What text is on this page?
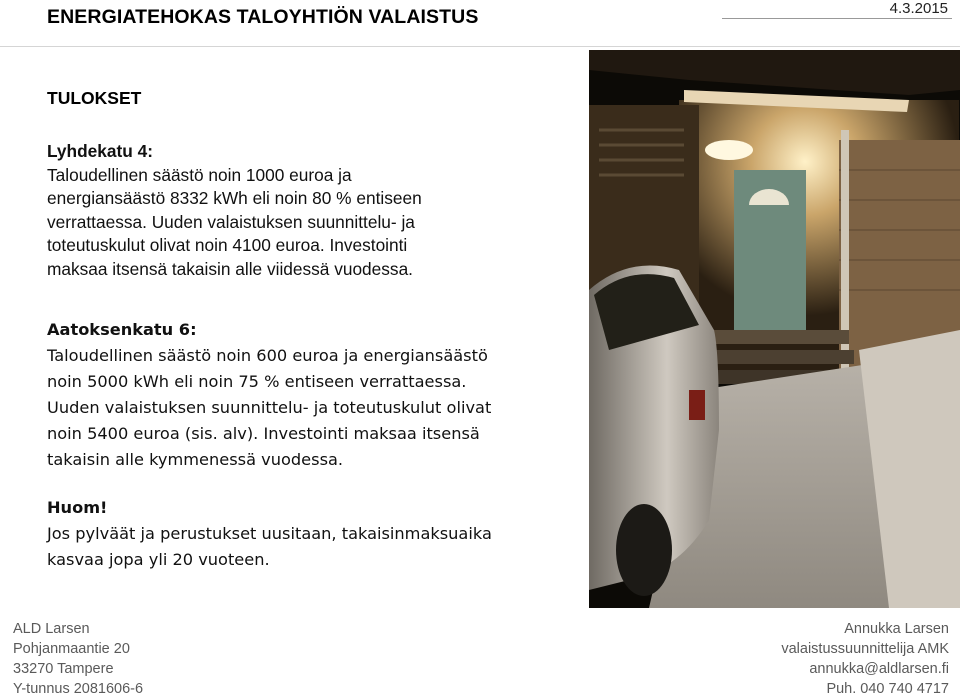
ENERGIATEHOKAS TALOYHTIÖN VALAISTUS	4.3.2015
TULOKSET
Lyhdekatu 4:
Taloudellinen säästö noin 1000 euroa ja
energiansäästö 8332 kWh eli noin 80 % entiseen
verrattaessa. Uuden valaistuksen suunnittelu- ja
toteutuskulut olivat noin 4100 euroa. Investointi
maksaa itsensä takaisin alle viidessä vuodessa.
Aatoksenkatu 6:
Taloudellinen säästö noin 600 euroa ja energiansäästö
noin 5000 kWh eli noin 75 % entiseen verrattaessa.
Uuden valaistuksen suunnittelu- ja toteutuskulut olivat
noin 5400 euroa (sis. alv). Investointi maksaa itsensä
takaisin alle kymmenessä vuodessa.
Huom!
Jos pylväät ja perustukset uusitaan, takaisinmaksuaika
kasvaa jopa yli 20 vuoteen.
ALD Larsen
Pohjanmaantie 20
33270 Tampere
Y-tunnus 2081606-6
Annukka Larsen
valaistussuunnittelija AMK
annukka@aldlarsen.fi
Puh. 040 740 4717
